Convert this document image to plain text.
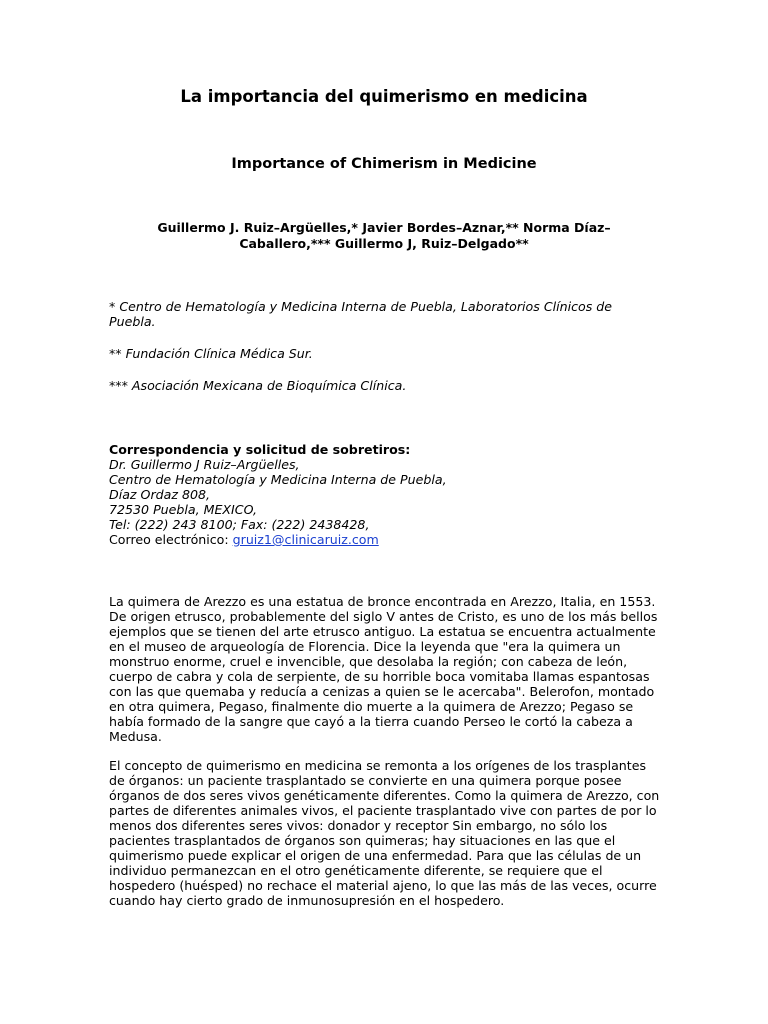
La importancia del quimerismo en medicina
Importance of Chimerism in Medicine

Guillermo J. Ruiz–Argüelles,* Javier Bordes–Aznar,** Norma Díaz–Caballero,*** Guillermo J, Ruiz–Delgado**

* Centro de Hematología y Medicina Interna de Puebla, Laboratorios Clínicos de Puebla.

** Fundación Clínica Médica Sur.

*** Asociación Mexicana de Bioquímica Clínica.

Correspondencia y solicitud de sobretiros:
Dr. Guillermo J Ruiz–Argüelles,
Centro de Hematología y Medicina Interna de Puebla,
Díaz Ordaz 808,
72530 Puebla, MEXICO,
Tel: (222) 243 8100; Fax: (222) 2438428,
Correo electrónico: gruiz1@clinicaruiz.com

La quimera de Arezzo es una estatua de bronce encontrada en Arezzo, Italia, en 1553. De origen etrusco, probablemente del siglo V antes de Cristo, es uno de los más bellos ejemplos que se tienen del arte etrusco antiguo. La estatua se encuentra actualmente en el museo de arqueología de Florencia. Dice la leyenda que "era la quimera un monstruo enorme, cruel e invencible, que desolaba la región; con cabeza de león, cuerpo de cabra y cola de serpiente, de su horrible boca vomitaba llamas espantosas con las que quemaba y reducía a cenizas a quien se le acercaba". Belerofon, montado en otra quimera, Pegaso, finalmente dio muerte a la quimera de Arezzo; Pegaso se había formado de la sangre que cayó a la tierra cuando Perseo le cortó la cabeza a Medusa.

El concepto de quimerismo en medicina se remonta a los orígenes de los trasplantes de órganos: un paciente trasplantado se convierte en una quimera porque posee órganos de dos seres vivos genéticamente diferentes. Como la quimera de Arezzo, con partes de diferentes animales vivos, el paciente trasplantado vive con partes de por lo menos dos diferentes seres vivos: donador y receptor Sin embargo, no sólo los pacientes trasplantados de órganos son quimeras; hay situaciones en las que el quimerismo puede explicar el origen de una enfermedad. Para que las células de un individuo permanezcan en el otro genéticamente diferente, se requiere que el hospedero (huésped) no rechace el material ajeno, lo que las más de las veces, ocurre cuando hay cierto grado de inmunosupresión en el hospedero.
